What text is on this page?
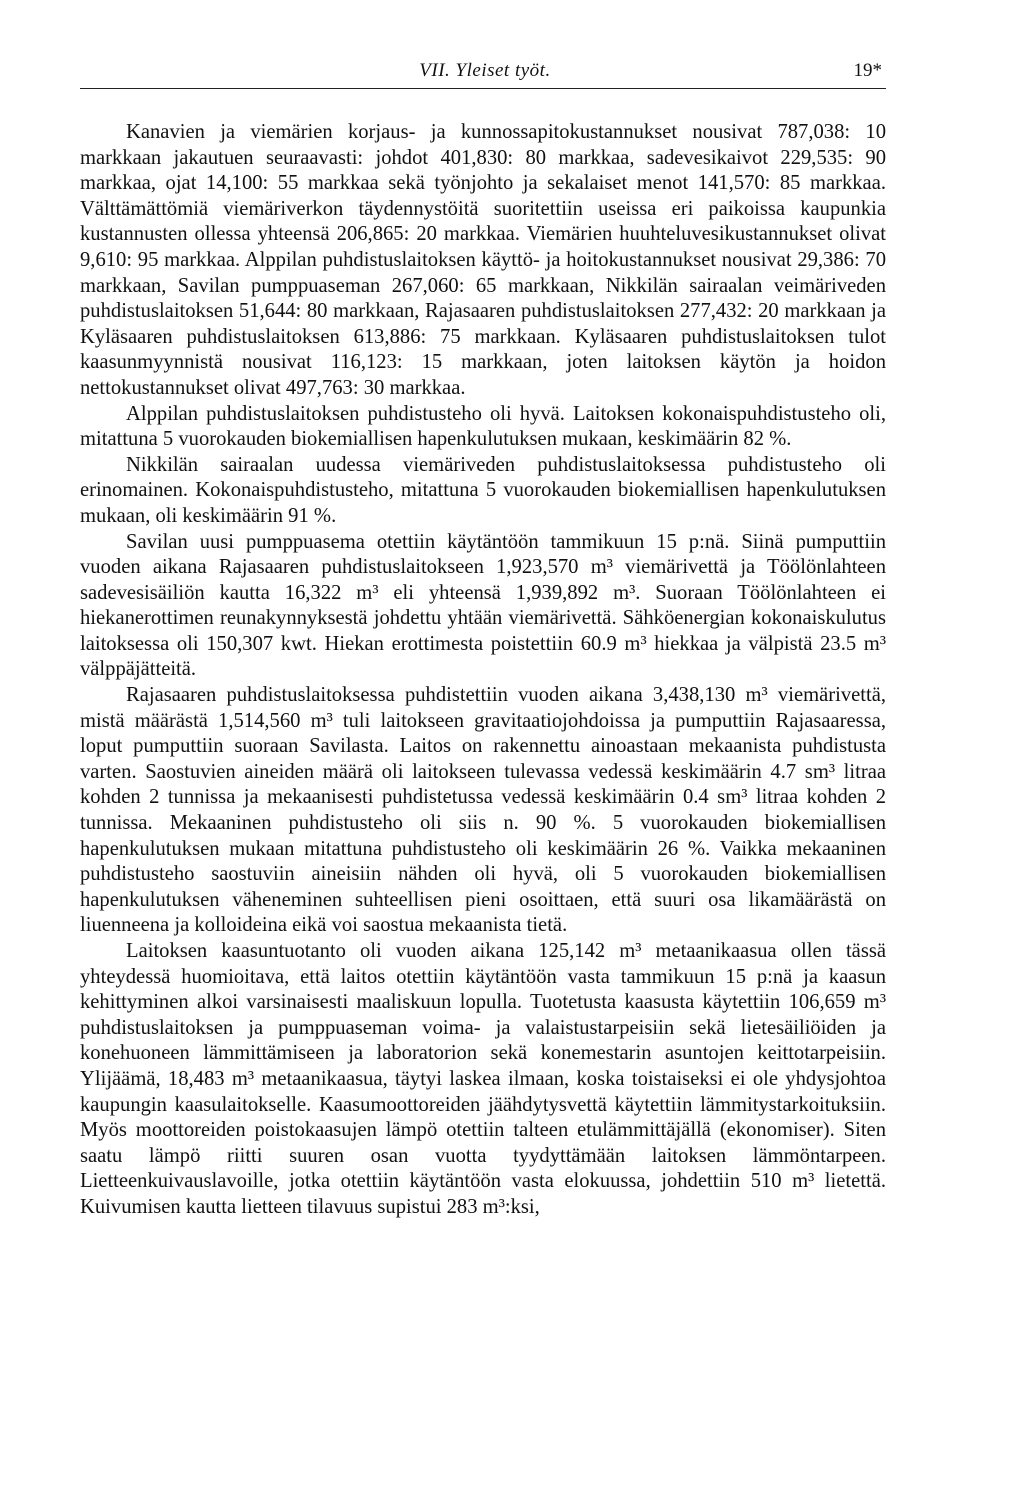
VII. Yleiset työt.	19*

Kanavien ja viemärien korjaus- ja kunnossapitokustannukset nousivat 787,038: 10 markkaan jakautuen seuraavasti: johdot 401,830: 80 markkaa, sadevesikaivot 229,535: 90 markkaa, ojat 14,100: 55 markkaa sekä työnjohto ja sekalaiset menot 141,570: 85 markkaa. Välttämättömiä viemäriverkon täydennystöitä suoritettiin useissa eri paikoissa kaupunkia kustannusten ollessa yhteensä 206,865: 20 markkaa. Viemärien huuhteluvesikustannukset olivat 9,610: 95 markkaa. Alppilan puhdistuslaitoksen käyttö- ja hoitokustannukset nousivat 29,386: 70 markkaan, Savilan pumppuaseman 267,060: 65 markkaan, Nikkilän sairaalan veimäriveden puhdistuslaitoksen 51,644: 80 markkaan, Rajasaaren puhdistuslaitoksen 277,432: 20 markkaan ja Kyläsaaren puhdistuslaitoksen 613,886: 75 markkaan. Kyläsaaren puhdistuslaitoksen tulot kaasunmyynnistä nousivat 116,123: 15 markkaan, joten laitoksen käytön ja hoidon nettokustannukset olivat 497,763: 30 markkaa.

Alppilan puhdistuslaitoksen puhdistusteho oli hyvä. Laitoksen kokonaispuhdistusteho oli, mitattuna 5 vuorokauden biokemiallisen hapenkulutuksen mukaan, keskimäärin 82 %.

Nikkilän sairaalan uudessa viemäriveden puhdistuslaitoksessa puhdistusteho oli erinomainen. Kokonaispuhdistusteho, mitattuna 5 vuorokauden biokemiallisen hapenkulutuksen mukaan, oli keskimäärin 91 %.

Savilan uusi pumppuasema otettiin käytäntöön tammikuun 15 p:nä. Siinä pumputtiin vuoden aikana Rajasaaren puhdistuslaitokseen 1,923,570 m³ viemärivettä ja Töölönlahteen sadevesisäiliön kautta 16,322 m³ eli yhteensä 1,939,892 m³. Suoraan Töölönlahteen ei hiekanerottimen reunakynnyksestä johdettu yhtään viemärivettä. Sähköenergian kokonaiskulutus laitoksessa oli 150,307 kwt. Hiekan erottimesta poistettiin 60.9 m³ hiekkaa ja välpistä 23.5 m³ välppäjätteitä.

Rajasaaren puhdistuslaitoksessa puhdistettiin vuoden aikana 3,438,130 m³ viemärivettä, mistä määrästä 1,514,560 m³ tuli laitokseen gravitaatiojohdoissa ja pumputtiin Rajasaaressa, loput pumputtiin suoraan Savilasta. Laitos on rakennettu ainoastaan mekaanista puhdistusta varten. Saostuvien aineiden määrä oli laitokseen tulevassa vedessä keskimäärin 4.7 sm³ litraa kohden 2 tunnissa ja mekaanisesti puhdistetussa vedessä keskimäärin 0.4 sm³ litraa kohden 2 tunnissa. Mekaaninen puhdistusteho oli siis n. 90 %. 5 vuorokauden biokemiallisen hapenkulutuksen mukaan mitattuna puhdistusteho oli keskimäärin 26 %. Vaikka mekaaninen puhdistusteho saostuviin aineisiin nähden oli hyvä, oli 5 vuorokauden biokemiallisen hapenkulutuksen väheneminen suhteellisen pieni osoittaen, että suuri osa likamäärästä on liuenneena ja kolloideina eikä voi saostua mekaanista tietä.

Laitoksen kaasuntuotanto oli vuoden aikana 125,142 m³ metaanikaasua ollen tässä yhteydessä huomioitava, että laitos otettiin käytäntöön vasta tammikuun 15 p:nä ja kaasun kehittyminen alkoi varsinaisesti maaliskuun lopulla. Tuotetusta kaasusta käytettiin 106,659 m³ puhdistuslaitoksen ja pumppuaseman voima- ja valaistustarpeisiin sekä lietesäiliöiden ja konehuoneen lämmittämiseen ja laboratorion sekä konemestarin asuntojen keittotarpeisiin. Ylijäämä, 18,483 m³ metaanikaasua, täytyi laskea ilmaan, koska toistaiseksi ei ole yhdysjohtoa kaupungin kaasulaitokselle. Kaasumoottoreiden jäähdytysvettä käytettiin lämmitystarkoituksiin. Myös moottoreiden poistokaasujen lämpö otettiin talteen etulämmittäjällä (ekonomiser). Siten saatu lämpö riitti suuren osan vuotta tyydyttämään laitoksen lämmöntarpeen. Lietteenkuivauslavoille, jotka otettiin käytäntöön vasta elokuussa, johdettiin 510 m³ lietettä. Kuivumisen kautta lietteen tilavuus supistui 283 m³:ksi,
